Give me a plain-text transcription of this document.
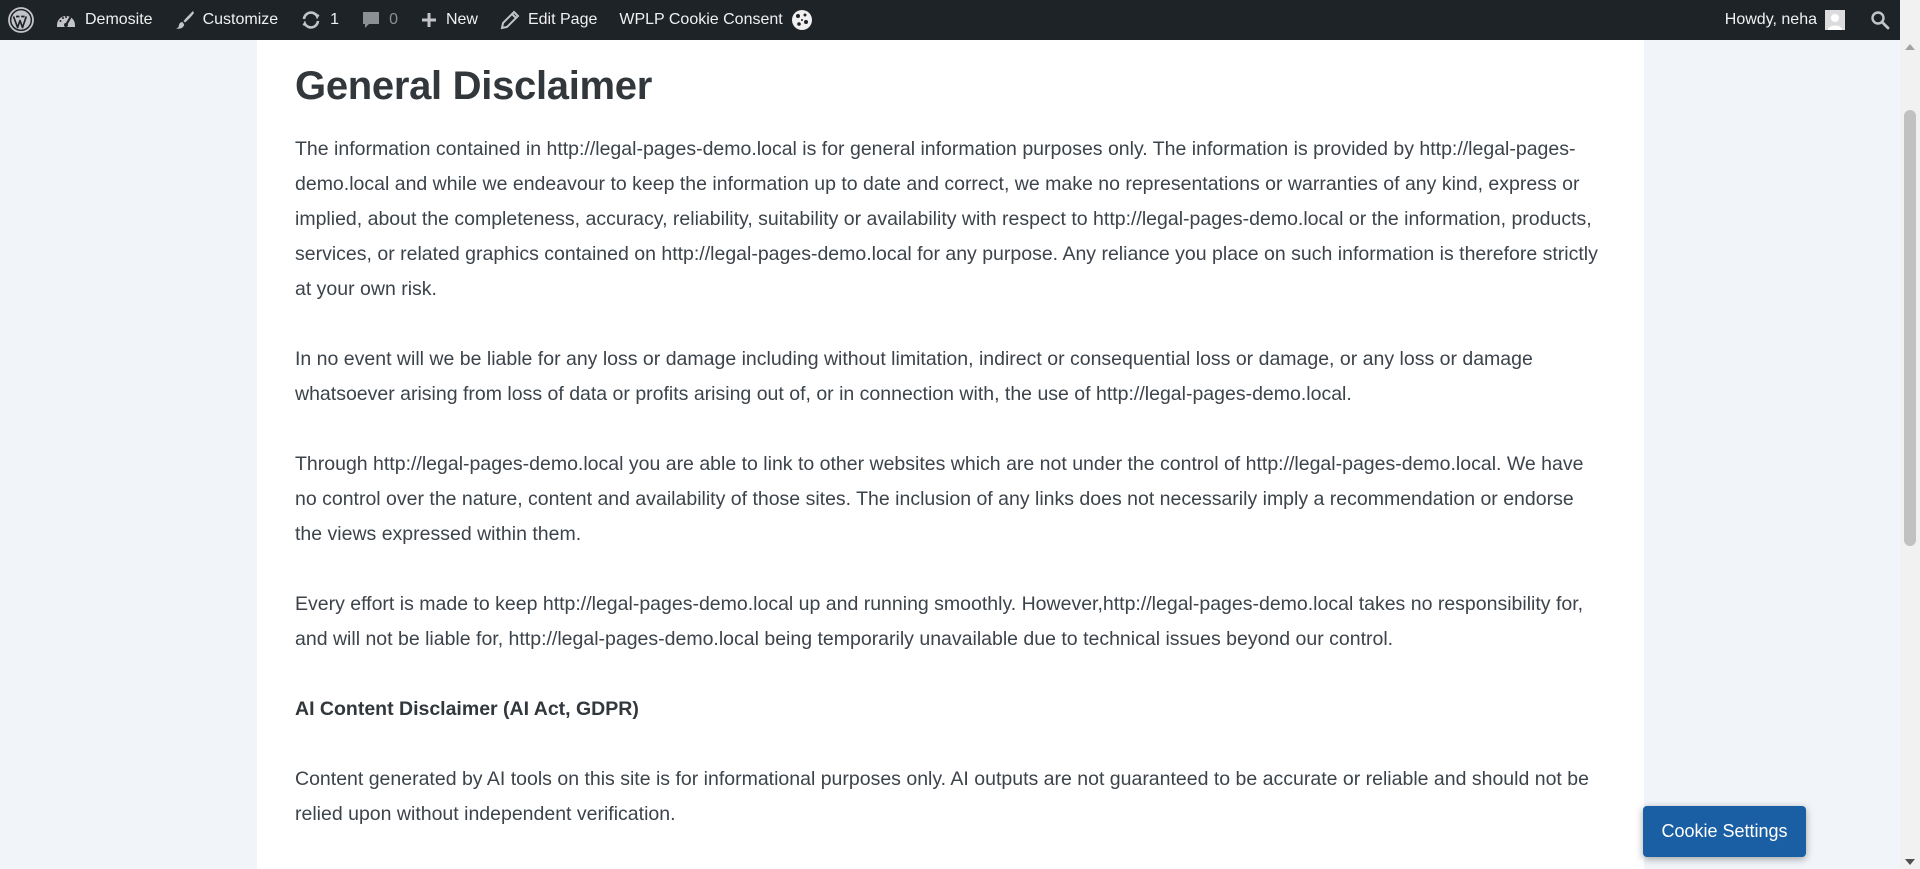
Demosite	Customize	1	0	New	Edit Page WPLP Cookie Consent	Howdy, neha
General Disclaimer

The information contained in http://legal-pages-demo.local is for general information purposes only. The information is provided by http://legal-pages-demo.local and while we endeavour to keep the information up to date and correct, we make no representations or warranties of any kind, express or implied, about the completeness, accuracy, reliability, suitability or availability with respect to http://legal-pages-demo.local or the information, products, services, or related graphics contained on http://legal-pages-demo.local for any purpose. Any reliance you place on such information is therefore strictly at your own risk.

In no event will we be liable for any loss or damage including without limitation, indirect or consequential loss or damage, or any loss or damage whatsoever arising from loss of data or profits arising out of, or in connection with, the use of http://legal-pages-demo.local.

Through http://legal-pages-demo.local you are able to link to other websites which are not under the control of http://legal-pages-demo.local. We have no control over the nature, content and availability of those sites. The inclusion of any links does not necessarily imply a recommendation or endorse the views expressed within them.

Every effort is made to keep http://legal-pages-demo.local up and running smoothly. However,http://legal-pages-demo.local takes no responsibility for, and will not be liable for, http://legal-pages-demo.local being temporarily unavailable due to technical issues beyond our control.

AI Content Disclaimer (AI Act, GDPR)

Content generated by AI tools on this site is for informational purposes only. AI outputs are not guaranteed to be accurate or reliable and should not be relied upon without independent verification.

Cookie Settings
